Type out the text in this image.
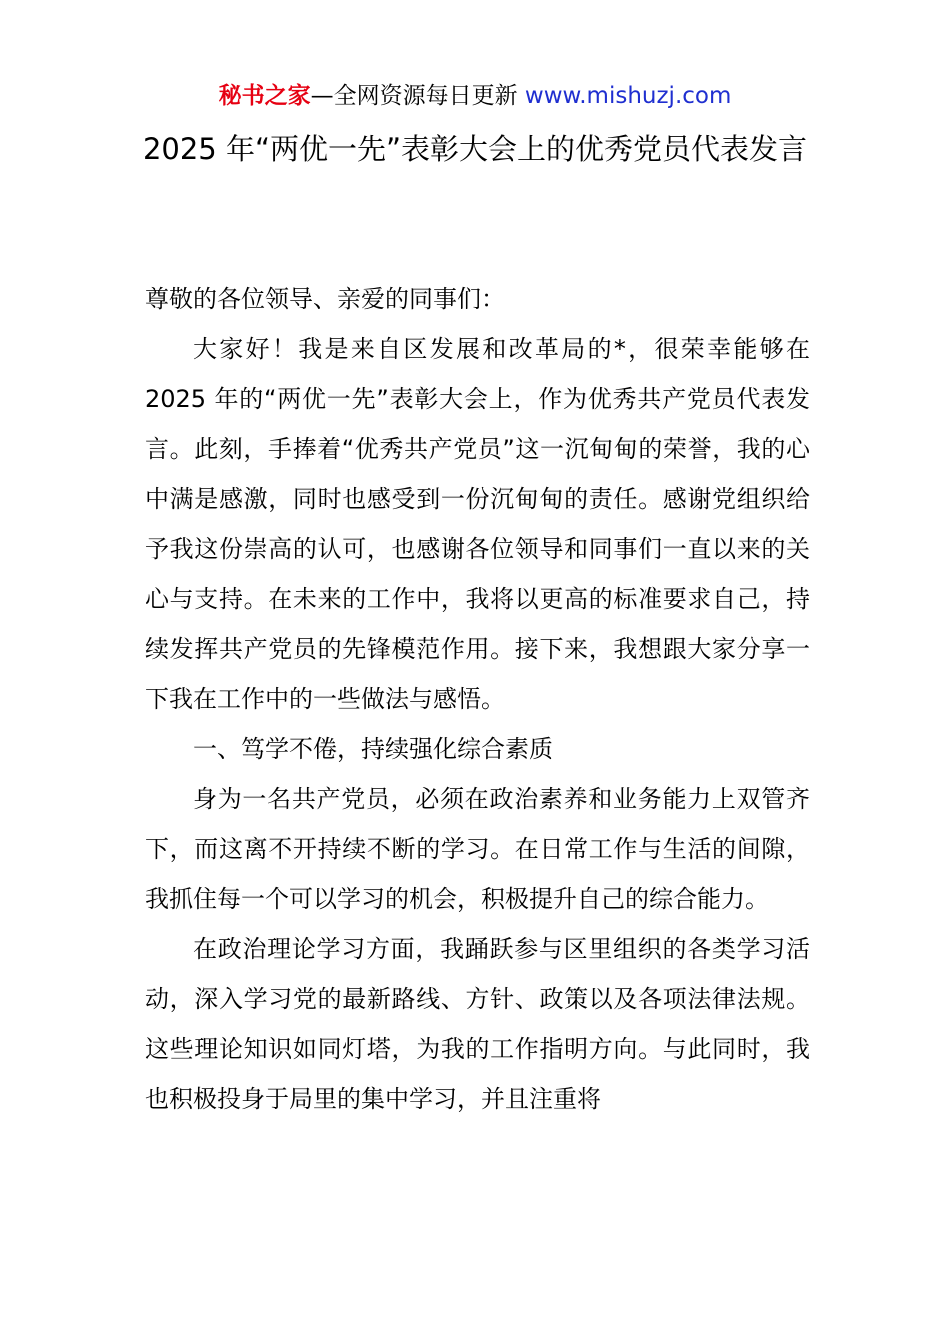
秘书之家—全网资源每日更新 www.mishuzj.com
2025 年“两优一先”表彰大会上的优秀党员代表发言

尊敬的各位领导、亲爱的同事们：

大家好！我是来自区发展和改革局的*，很荣幸能够在 2025 年的“两优一先”表彰大会上，作为优秀共产党员代表发言。此刻，手捧着“优秀共产党员”这一沉甸甸的荣誉，我的心中满是感激，同时也感受到一份沉甸甸的责任。感谢党组织给予我这份崇高的认可，也感谢各位领导和同事们一直以来的关心与支持。在未来的工作中，我将以更高的标准要求自己，持续发挥共产党员的先锋模范作用。接下来，我想跟大家分享一下我在工作中的一些做法与感悟。

一、笃学不倦，持续强化综合素质

身为一名共产党员，必须在政治素养和业务能力上双管齐下，而这离不开持续不断的学习。在日常工作与生活的间隙，我抓住每一个可以学习的机会，积极提升自己的综合能力。

在政治理论学习方面，我踊跃参与区里组织的各类学习活动，深入学习党的最新路线、方针、政策以及各项法律法规。这些理论知识如同灯塔，为我的工作指明方向。与此同时，我也积极投身于局里的集中学习，并且注重将
